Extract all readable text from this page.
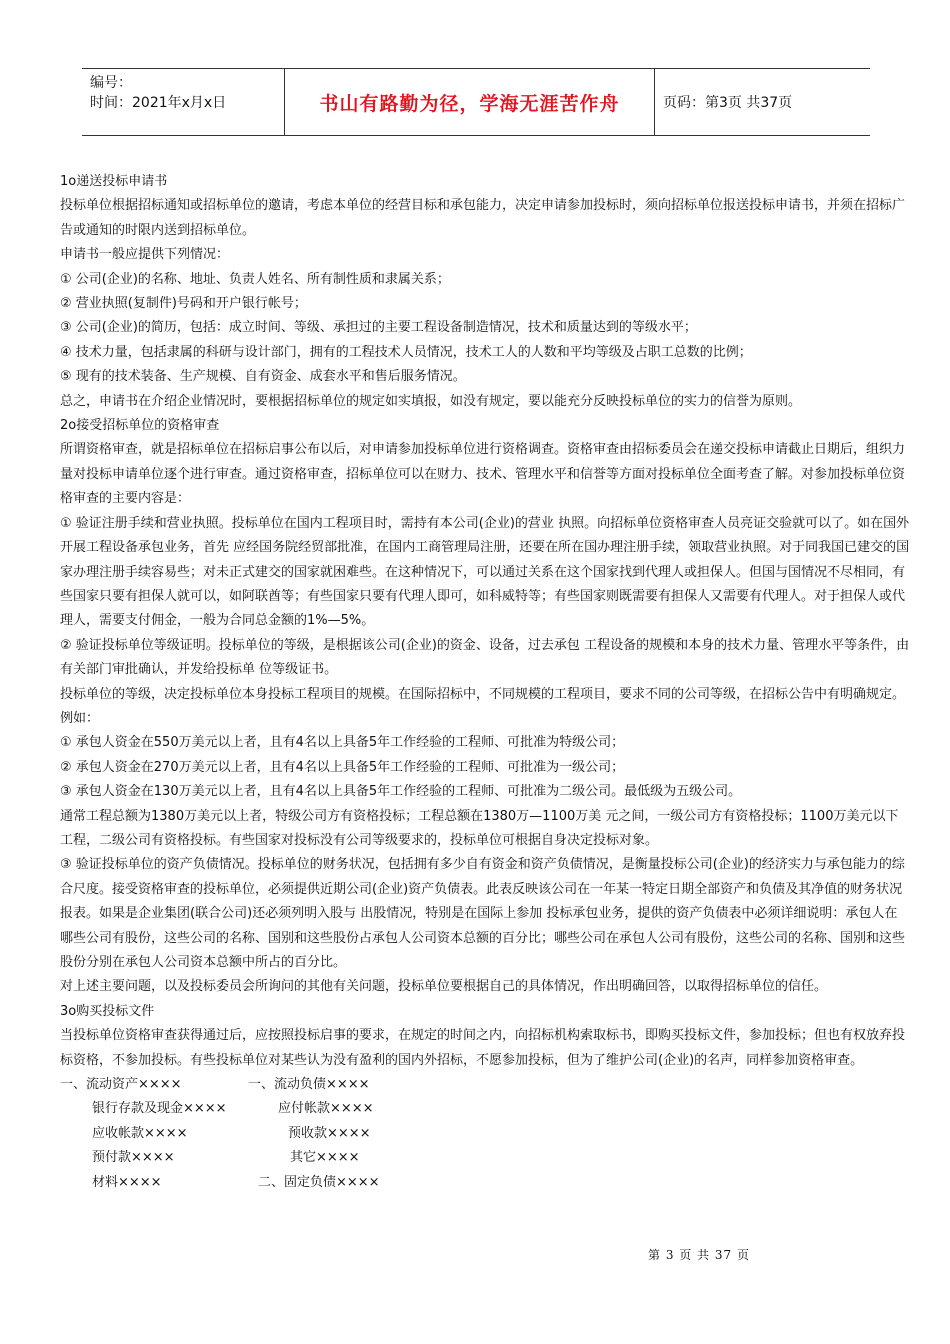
编号：
时间：2021年x月x日	书山有路勤为径，学海无涯苦作舟	页码：第3页 共37页

1o递送投标申请书

投标单位根据招标通知或招标单位的邀请，考虑本单位的经营目标和承包能力，决定申请参加投标时，须向招标单位报送投标申请书，并须在招标广告或通知的时限内送到招标单位。

申请书一般应提供下列情况：

① 公司(企业)的名称、地址、负责人姓名、所有制性质和隶属关系；

② 营业执照(复制件)号码和开户银行帐号；

③ 公司(企业)的简历，包括：成立时间、等级、承担过的主要工程设备制造情况，技术和质量达到的等级水平；

④ 技术力量，包括隶属的科研与设计部门，拥有的工程技术人员情况，技术工人的人数和平均等级及占职工总数的比例；

⑤ 现有的技术装备、生产规模、自有资金、成套水平和售后服务情况。

总之，申请书在介绍企业情况时，要根据招标单位的规定如实填报，如没有规定，要以能充分反映投标单位的实力的信誉为原则。

2o接受招标单位的资格审查

所谓资格审查，就是招标单位在招标启事公布以后，对申请参加投标单位进行资格调查。资格审查由招标委员会在递交投标申请截止日期后，组织力量对投标申请单位逐个进行审查。通过资格审查，招标单位可以在财力、技术、管理水平和信誉等方面对投标单位全面考查了解。对参加投标单位资格审查的主要内容是：

① 验证注册手续和营业执照。投标单位在国内工程项目时，需持有本公司(企业)的营业 执照。向招标单位资格审查人员亮证交验就可以了。如在国外开展工程设备承包业务，首先 应经国务院经贸部批准，在国内工商管理局注册，还要在所在国办理注册手续，领取营业执照。对于同我国已建交的国家办理注册手续容易些；对未正式建交的国家就困难些。在这种情况下，可以通过关系在这个国家找到代理人或担保人。但国与国情况不尽相同，有些国家只要有担保人就可以，如阿联酋等；有些国家只要有代理人即可，如科威特等；有些国家则既需要有担保人又需要有代理人。对于担保人或代理人，需要支付佣金，一般为合同总金额的1%—5%。

② 验证投标单位等级证明。投标单位的等级，是根据该公司(企业)的资金、设备，过去承包 工程设备的规模和本身的技术力量、管理水平等条件，由有关部门审批确认，并发给投标单 位等级证书。

投标单位的等级，决定投标单位本身投标工程项目的规模。在国际招标中，不同规模的工程项目，要求不同的公司等级，在招标公告中有明确规定。例如：

① 承包人资金在550万美元以上者，且有4名以上具备5年工作经验的工程师、可批准为特级公司；

② 承包人资金在270万美元以上者，且有4名以上具备5年工作经验的工程师、可批准为一级公司；

③ 承包人资金在130万美元以上者，且有4名以上具备5年工作经验的工程师、可批准为二级公司。最低级为五级公司。

通常工程总额为1380万美元以上者，特级公司方有资格投标；工程总额在1380万—1100万美 元之间，一级公司方有资格投标；1100万美元以下工程，二级公司有资格投标。有些国家对投标没有公司等级要求的，投标单位可根据自身决定投标对象。

③ 验证投标单位的资产负债情况。投标单位的财务状况，包括拥有多少自有资金和资产负债情况，是衡量投标公司(企业)的经济实力与承包能力的综合尺度。接受资格审查的投标单位，必须提供近期公司(企业)资产负债表。此表反映该公司在一年某一特定日期全部资产和负债及其净值的财务状况报表。如果是企业集团(联合公司)还必须列明入股与 出股情况，特别是在国际上参加 投标承包业务，提供的资产负债表中必须详细说明：承包人在哪些公司有股份，这些公司的名称、国别和这些股份占承包人公司资本总额的百分比；哪些公司在承包人公司有股份，这些公司的名称、国别和这些股份分别在承包人公司资本总额中所占的百分比。

对上述主要问题，以及投标委员会所询问的其他有关问题，投标单位要根据自己的具体情况，作出明确回答，以取得招标单位的信任。

3o购买投标文件

当投标单位资格审查获得通过后，应按照投标启事的要求，在规定的时间之内，向招标机构索取标书，即购买投标文件，参加投标；但也有权放弃投标资格，不参加投标。有些投标单位对某些认为没有盈利的国内外招标，不愿参加投标，但为了维护公司(企业)的名声，同样参加资格审查。

一、流动资产××××	一、流动负债××××
银行存款及现金××××	应付帐款××××
应收帐款××××	预收款××××
预付款××××	其它××××
材料××××	二、固定负债××××
第 3 页 共 37 页
